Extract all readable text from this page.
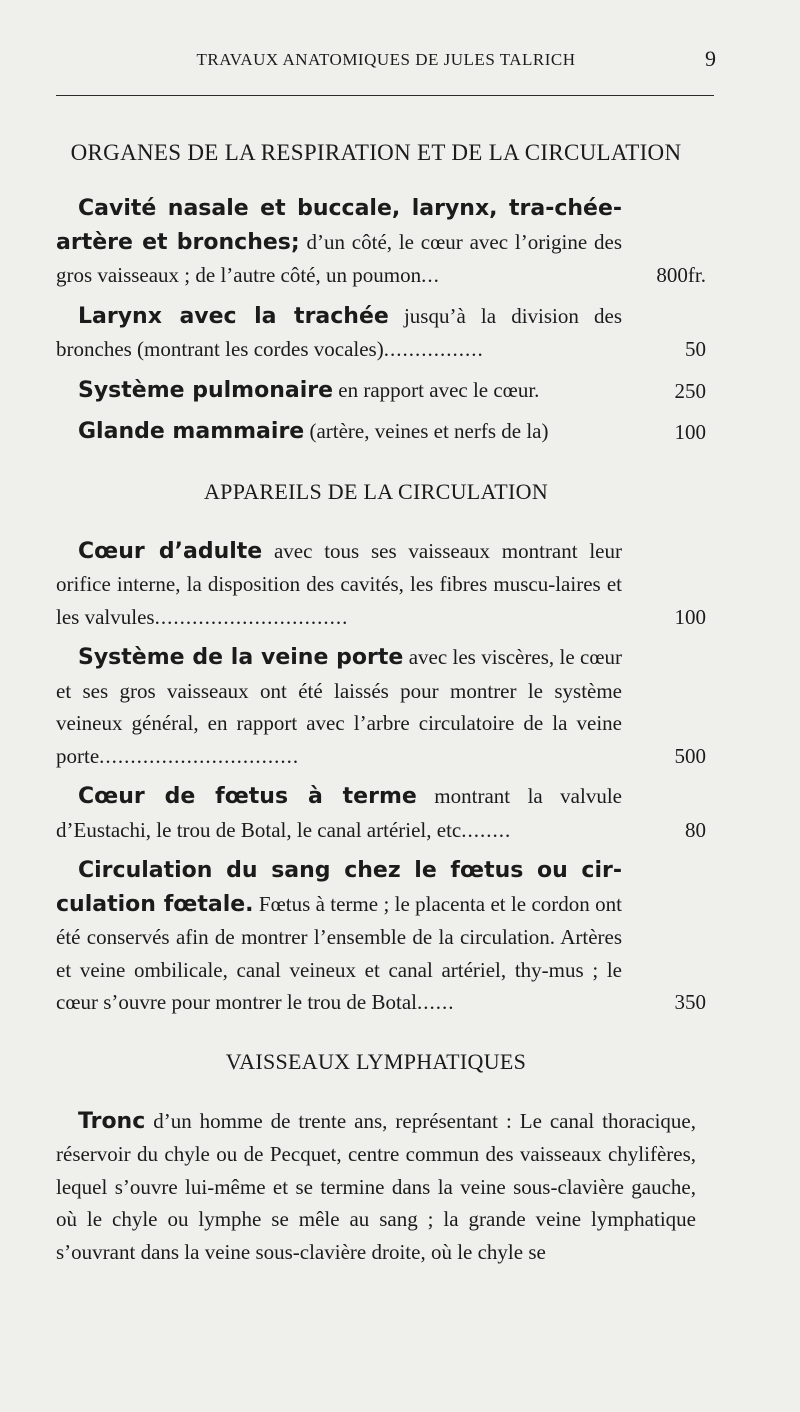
TRAVAUX ANATOMIQUES DE JULES TALRICH	9
ORGANES DE LA RESPIRATION ET DE LA CIRCULATION
Cavité nasale et buccale, larynx, tra-chée-artère et bronches; d’un côté, le cœur avec l’origine des gros vaisseaux ; de l’autre côté, un poumon...	800fr.
Larynx avec la trachée jusqu’à la division des bronches (montrant les cordes vocales)................	50
Système pulmonaire en rapport avec le cœur.	250
Glande mammaire (artère, veines et nerfs de la)	100
APPAREILS DE LA CIRCULATION
Cœur d’adulte avec tous ses vaisseaux montrant leur orifice interne, la disposition des cavités, les fibres muscu-laires et les valvules...............................	100
Système de la veine porte avec les viscères, le cœur et ses gros vaisseaux ont été laissés pour montrer le système veineux général, en rapport avec l’arbre circulatoire de la veine porte................................	500
Cœur de fœtus à terme montrant la valvule d’Eustachi, le trou de Botal, le canal artériel, etc........	80
Circulation du sang chez le fœtus ou cir-culation fœtale. Fœtus à terme ; le placenta et le cordon ont été conservés afin de montrer l’ensemble de la circulation. Artères et veine ombilicale, canal veineux et canal artériel, thy-mus ; le cœur s’ouvre pour montrer le trou de Botal......	350
VAISSEAUX LYMPHATIQUES
Tronc d’un homme de trente ans, représentant : Le canal thoracique, réservoir du chyle ou de Pecquet, centre commun des vaisseaux chylifères, lequel s’ouvre lui-même et se termine dans la veine sous-clavière gauche, où le chyle ou lymphe se mêle au sang ; la grande veine lymphatique s’ouvrant dans la veine sous-clavière droite, où le chyle se
